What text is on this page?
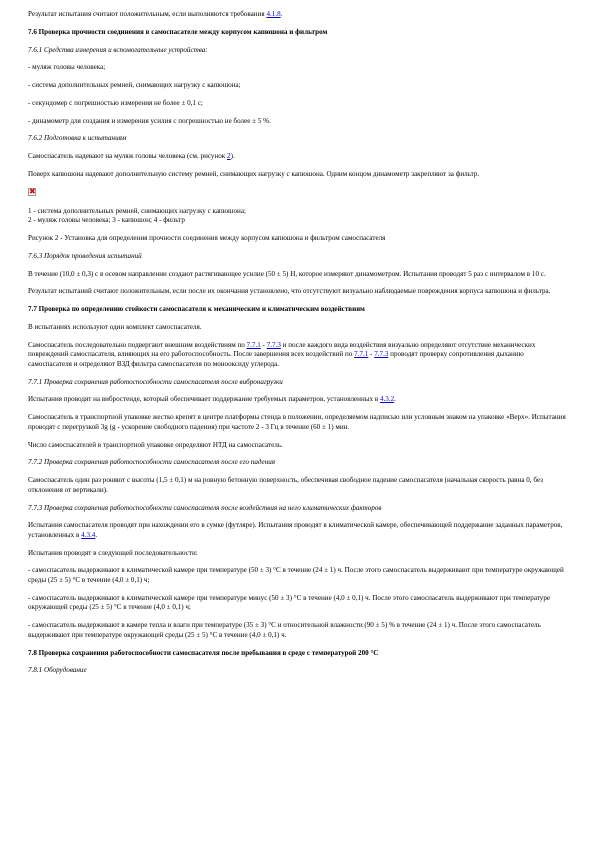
Результат испытания считают положительным, если выполняются требования 4.1.8.

7.6 Проверка прочности соединения в самоспасателе между корпусом капюшона и фильтром

7.6.1 Средства измерения и вспомогательные устройства:

- муляж головы человека;

- система дополнительных ремней, снимающих нагрузку с капюшона;

- секундомер с погрешностью измерения не более ± 0,1 с;

- динамометр для создания и измерения усилия с погрешностью не более ± 5 %.

7.6.2 Подготовка к испытаниям

Самоспасатель надевают на муляж головы человека (см. рисунок 2).

Поверх капюшона надевают дополнительную систему ремней, снимающих нагрузку с капюшона. Одним концом динамометр закрепляют за фильтр.

✖

1 - система дополнительных ремней, снимающих нагрузку с капюшона;

2 - муляж головы человека; 3 - капюшон; 4 - фильтр

Рисунок 2 - Установка для определения прочности соединения между корпусом капюшона и фильтром самоспасателя

7.6.3 Порядок проведения испытаний

В течение (10,0 ± 0,3) с в осевом направлении создают растягивающее усилие (50 ± 5) Н, которое измеряют динамометром. Испытания проводят 5 раз с интервалом в 10 с.

Результат испытаний считают положительным, если после их окончания установлено, что отсутствуют визуально наблюдаемые повреждения корпуса капюшона и фильтра.

7.7 Проверка по определению стойкости самоспасателя к механическим и климатическим воздействиям

В испытаниях используют один комплект самоспасателя.

Самоспасатель последовательно подвергают внешним воздействиям по 7.7.1 - 7.7.3 и после каждого вида воздействия визуально определяют отсутствие механических повреждений самоспасателя, влияющих на его работоспособность. После завершения всех воздействий по 7.7.1 - 7.7.3 проводят проверку сопротивления дыханию самоспасателя и определяют ВЗД фильтра самоспасателя по монооксиду углерода.

7.7.1 Проверка сохранения работоспособности самоспасателя после вибронагрузки

Испытания проводят на вибростенде, который обеспечивает поддержание требуемых параметров, установленных в 4.3.2.

Самоспасатель в транспортной упаковке жестко крепят в центре платформы стенда в положении, определяемом надписью или условным знаком на упаковке «Верх». Испытания проводят с перегрузкой 3g (g - ускорение свободного падения) при частоте 2 - 3 Гц в течение (60 ± 1) мин.

Число самоспасателей в транспортной упаковке определяют НТД на самоспасатель.

7.7.2 Проверка сохранения работоспособности самоспасателя после его падения

Самоспасатель один раз роняют с высоты (1,5 ± 0,1) м на ровную бетонную поверхность, обеспечивая свободное падение самоспасателя (начальная скорость равна 0, без отклонения от вертикали).

7.7.3 Проверка сохранения работоспособности самоспасателя после воздействия на него климатических факторов

Испытания самоспасателя проводят при нахождении его в сумке (футляре). Испытания проводят в климатической камере, обеспечивающей поддержание заданных параметров, установленных в 4.3.4.

Испытания проводят в следующей последовательности:

- самоспасатель выдерживают в климатической камере при температуре (50 ± 3) °С в течение (24 ± 1) ч. После этого самоспасатель выдерживают при температуре окружающей среды (25 ± 5) °С в течение (4,0 ± 0,1) ч;

- самоспасатель выдерживают в климатической камере при температуре минус (50 ± 3) °С в течение (4,0 ± 0,1) ч. После этого самоспасатель выдерживают при температуре окружающей среды (25 ± 5) °С в течение (4,0 ± 0,1) ч;

- самоспасатель выдерживают в камере тепла и влаги при температуре (35 ± 3) °С и относительной влажности (90 ± 5) % в течение (24 ± 1) ч. После этого самоспасатель выдерживают при температуре окружающей среды (25 ± 5) °С в течение (4,0 ± 0,1) ч.

7.8 Проверка сохранения работоспособности самоспасателя после пребывания в среде с температурой 200 °С

7.8.1 Оборудование
